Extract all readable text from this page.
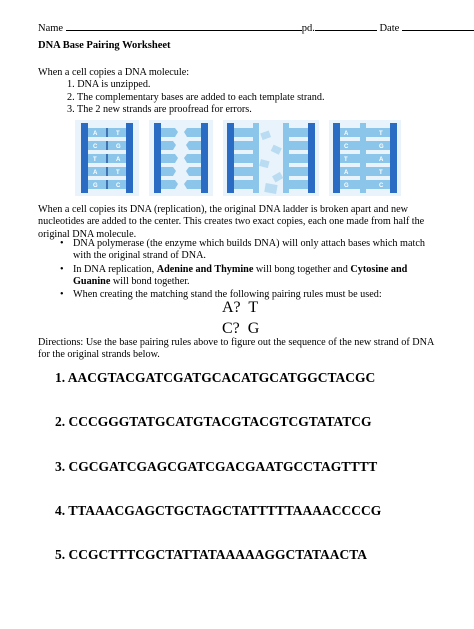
Name	pd.	Date
DNA Base Pairing Worksheet
When a cell copies a DNA molecule:
1. DNA is unzipped.
2. The complementary bases are added to each template strand.
3. The 2 new strands are proofread for errors.
A
C
T
A
G
T
G
A
T
C
A
C
T
A
G
T
G
A
T
C
When a cell copies its DNA (replication), the original DNA ladder is broken apart and new nucleotides are added to the center. This creates two exact copies, each one made from half the original DNA molecule.
• DNA polymerase (the enzyme which builds DNA) will only attach bases which match with the original strand of DNA.
• In DNA replication, Adenine and Thymine will bong together and Cytosine and Guanine will bond together.
• When creating the matching stand the following pairing rules must be used:
A?  T
C?  G
Directions: Use the base pairing rules above to figure out the sequence of the new strand of DNA for the original strands below.
1. AACGTACGATCGATGCACATGCATGGCTACGC
2. CCCGGGTATGCATGTACGTACGTCGTATATCG
3. CGCGATCGAGCGATCGACGAATGCCTAGTTTT
4. TTAAACGAGCTGCTAGCTATTTTTAAAACCCCG
5. CCGCTTTCGCTATTATAAAAAGGCTATAACTA
